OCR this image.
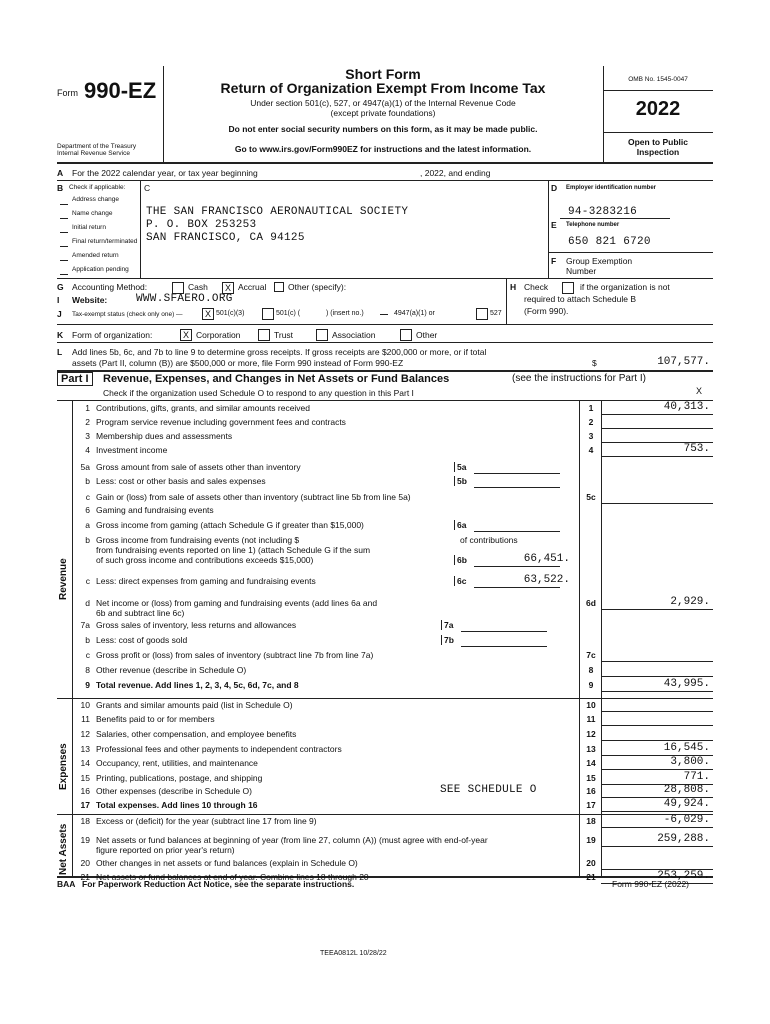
Form 990-EZ
Department of the Treasury
Internal Revenue Service
Short Form
Return of Organization Exempt From Income Tax
Under section 501(c), 527, or 4947(a)(1) of the Internal Revenue Code
(except private foundations)
Do not enter social security numbers on this form, as it may be made public.
Go to www.irs.gov/Form990EZ for instructions and the latest information.
OMB No. 1545-0047
2022
Open to Public
Inspection
A For the 2022 calendar year, or tax year beginning	, 2022, and ending
B Check if applicable: C
Address change
Name change
Initial return
Final return/terminated
Amended return
Application pending
THE SAN FRANCISCO AERONAUTICAL SOCIETY
P. O. BOX 253253
SAN FRANCISCO, CA 94125
D Employer identification number
94-3283216
E Telephone number
650 821 6720
F Group Exemption
Number
G Accounting Method:	Cash	X Accrual	Other (specify):	H Check	if the organization is not
required to attach Schedule B
(Form 990).
I Website:	WWW.SFAERO.ORG
J Tax-exempt status (check only one) —	X 501(c)(3)	501(c) (	) (insert no.)	4947(a)(1) or	527
K Form of organization:	X Corporation	Trust	Association	Other
L Add lines 5b, 6c, and 7b to line 9 to determine gross receipts. If gross receipts are $200,000 or more, or if total
assets (Part II, column (B)) are $500,000 or more, file Form 990 instead of Form 990-EZ	$	107,577.
Part I	Revenue, Expenses, and Changes in Net Assets or Fund Balances	(see the instructions for Part I)
Check if the organization used Schedule O to respond to any question in this Part I	X
Revenue
Expenses
Net Assets
1 Contributions, gifts, grants, and similar amounts received	1	40,313.
2 Program service revenue including government fees and contracts	2
3 Membership dues and assessments	3
4 Investment income	4	753.
5a Gross amount from sale of assets other than inventory	5a
b Less: cost or other basis and sales expenses	5b
c Gain or (loss) from sale of assets other than inventory (subtract line 5b from line 5a)	5c
6 Gaming and fundraising events
a Gross income from gaming (attach Schedule G if greater than $15,000)	6a
b Gross income from fundraising events (not including $
from fundraising events reported on line 1) (attach Schedule G if the sum
of such gross income and contributions exceeds $15,000)
of contributions
6b	66,451.
c Less: direct expenses from gaming and fundraising events	6c	63,522.
d Net income or (loss) from gaming and fundraising events (add lines 6a and
6b and subtract line 6c)
6d	2,929.
7a Gross sales of inventory, less returns and allowances	7a
b Less: cost of goods sold	7b
c Gross profit or (loss) from sales of inventory (subtract line 7b from line 7a)	7c
8 Other revenue (describe in Schedule O)	8
9 Total revenue. Add lines 1, 2, 3, 4, 5c, 6d, 7c, and 8	9	43,995.
10 Grants and similar amounts paid (list in Schedule O)	10
11 Benefits paid to or for members	11
12 Salaries, other compensation, and employee benefits	12
13 Professional fees and other payments to independent contractors	13	16,545.
14 Occupancy, rent, utilities, and maintenance	14	3,800.
15 Printing, publications, postage, and shipping	15	771.
16 Other expenses (describe in Schedule O)	SEE SCHEDULE O	16	28,808.
17 Total expenses. Add lines 10 through 16	17	49,924.
18 Excess or (deficit) for the year (subtract line 17 from line 9)	18	-6,029.
19 Net assets or fund balances at beginning of year (from line 27, column (A)) (must agree with end-of-year
figure reported on prior year's return)
19	259,288.
20 Other changes in net assets or fund balances (explain in Schedule O)	20
21 Net assets or fund balances at end of year. Combine lines 18 through 20	21	253,259.
BAA For Paperwork Reduction Act Notice, see the separate instructions.	Form 990-EZ (2022)
TEEA0812L 10/28/22
